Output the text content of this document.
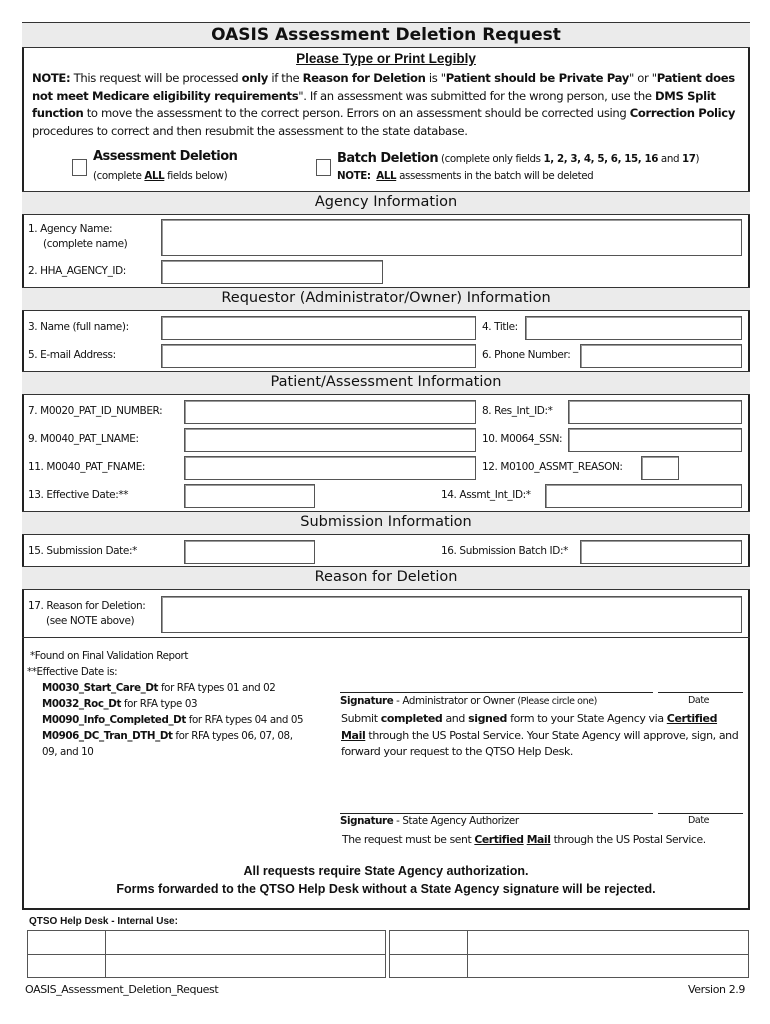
OASIS Assessment Deletion Request
Please Type or Print Legibly
NOTE: This request will be processed only if the Reason for Deletion is "Patient should be Private Pay" or "Patient does not meet Medicare eligibility requirements". If an assessment was submitted for the wrong person, use the DMS Split function to move the assessment to the correct person. Errors on an assessment should be corrected using Correction Policy procedures to correct and then resubmit the assessment to the state database.
Assessment Deletion
(complete ALL fields below)
Batch Deletion (complete only fields 1, 2, 3, 4, 5, 6, 15, 16 and 17)
NOTE: ALL assessments in the batch will be deleted
Agency Information
1. Agency Name:
(complete name)
2. HHA_AGENCY_ID:
Requestor (Administrator/Owner) Information
3. Name (full name):	4. Title:
5. E-mail Address:	6. Phone Number:
Patient/Assessment Information
7. M0020_PAT_ID_NUMBER:	8. Res_Int_ID:*
9. M0040_PAT_LNAME:	10. M0064_SSN:
11. M0040_PAT_FNAME:	12. M0100_ASSMT_REASON:
13. Effective Date:**	14. Assmt_Int_ID:*
Submission Information
15. Submission Date:*	16. Submission Batch ID:*
Reason for Deletion
17. Reason for Deletion:
(see NOTE above)
*Found on Final Validation Report
**Effective Date is:
M0030_Start_Care_Dt for RFA types 01 and 02
M0032_Roc_Dt for RFA type 03
M0090_Info_Completed_Dt for RFA types 04 and 05
M0906_DC_Tran_DTH_Dt for RFA types 06, 07, 08,
09, and 10
Signature - Administrator or Owner (Please circle one)	Date
Submit completed and signed form to your State Agency via Certified Mail through the US Postal Service. Your State Agency will approve, sign, and forward your request to the QTSO Help Desk.
Signature - State Agency Authorizer	Date
The request must be sent Certified Mail through the US Postal Service.
All requests require State Agency authorization.
Forms forwarded to the QTSO Help Desk without a State Agency signature will be rejected.
QTSO Help Desk - Internal Use:
OASIS_Assessment_Deletion_Request	Version 2.9
